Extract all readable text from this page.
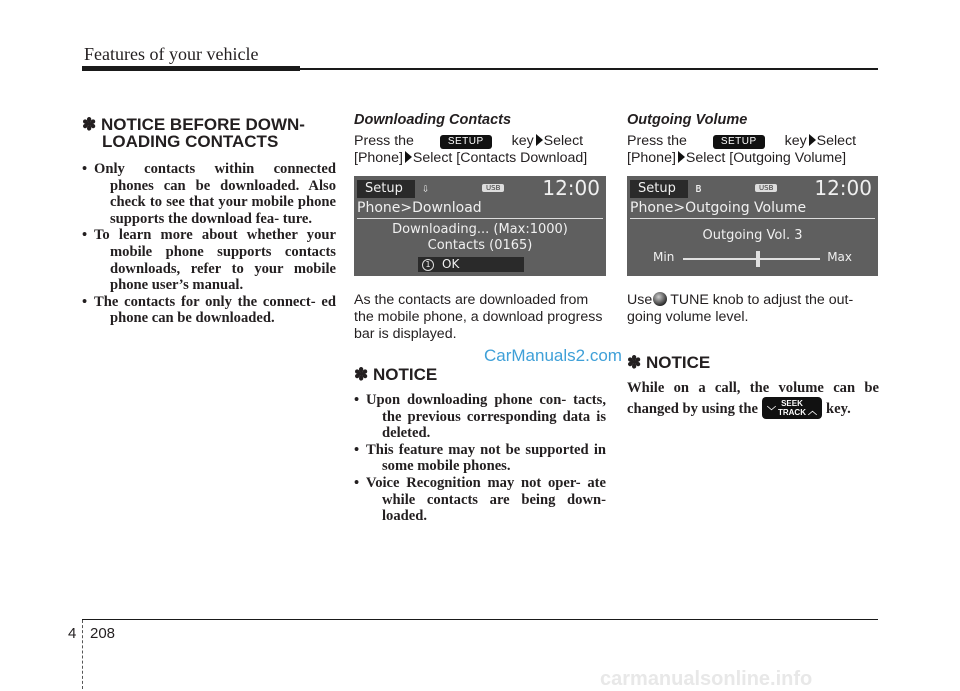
Features of your vehicle
✽ NOTICE BEFORE DOWN-
LOADING CONTACTS
• Only contacts within connected phones can be downloaded. Also check to see that your mobile phone supports the download fea- ture.
• To learn more about whether your mobile phone supports contacts downloads, refer to your mobile phone user’s manual.
• The contacts for only the connect- ed phone can be downloaded.
Downloading Contacts
Press the	SETUP key Select
[Phone] Select [Contacts Download]
Setup	⇩	USB 12:00
Phone>Download
Downloading... (Max:1000)
Contacts (0165)
1 OK
As the contacts are downloaded from the mobile phone, a download progress bar is displayed.
✽ NOTICE
• Upon downloading phone con- tacts, the previous corresponding data is deleted.
• This feature may not be supported in some mobile phones.
• Voice Recognition may not oper- ate while contacts are being down- loaded.
Outgoing Volume
Press the	SETUP key Select
[Phone] Select [Outgoing Volume]
Setup	ʙ	USB 12:00
Phone>Outgoing Volume
Outgoing Vol. 3
Min	Max
Use TUNE knob to adjust the out- going volume level.
✽ NOTICE
While on a call, the volume can be changed by using the ﹀
SEEK
TRACK ︿ key.
CarManuals2.com
carmanualsonline.info
4 208
